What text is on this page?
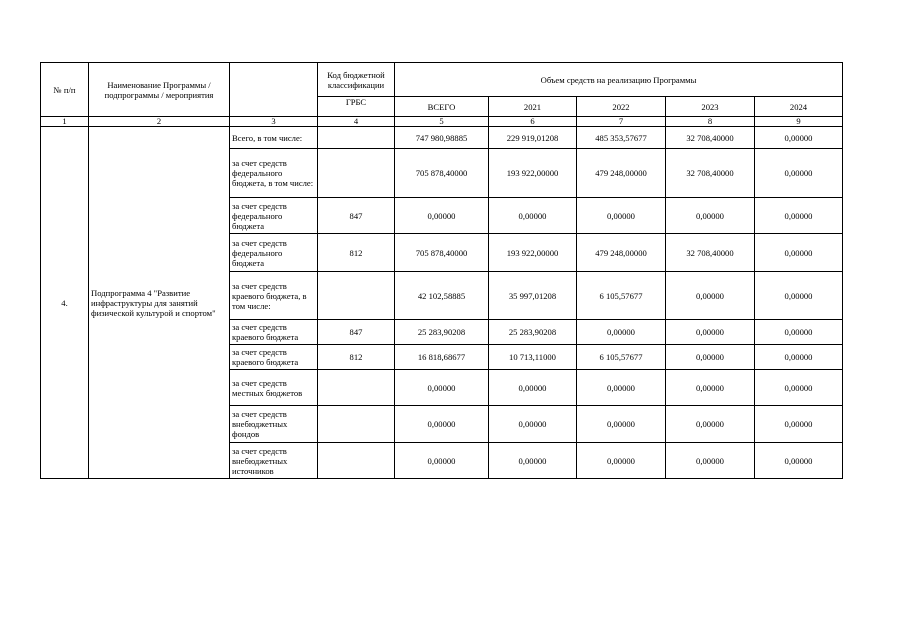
№ п/п	Наименование Программы / подпрограммы / мероприятия		Код бюджетной классификации	Объем средств на реализацию Программы				
			ГРБС	ВСЕГО	2021	2022	2023	2024
1	2	3	4	5	6	7	8	9
4.	Подпрограмма 4 "Развитие инфраструктуры для занятий физической культурой и спортом"	Всего, в том числе:		747 980,98885	229 919,01208	485 353,57677	32 708,40000	0,00000
		за счет средств федерального бюджета, в том числе:		705 878,40000	193 922,00000	479 248,00000	32 708,40000	0,00000
		за счет средств федерального бюджета	847	0,00000	0,00000	0,00000	0,00000	0,00000
		за счет средств федерального бюджета	812	705 878,40000	193 922,00000	479 248,00000	32 708,40000	0,00000
		за счет средств краевого бюджета, в том числе:		42 102,58885	35 997,01208	6 105,57677	0,00000	0,00000
		за счет средств краевого бюджета	847	25 283,90208	25 283,90208	0,00000	0,00000	0,00000
		за счет средств краевого бюджета	812	16 818,68677	10 713,11000	6 105,57677	0,00000	0,00000
		за счет средств местных бюджетов		0,00000	0,00000	0,00000	0,00000	0,00000
		за счет средств внебюджетных фондов		0,00000	0,00000	0,00000	0,00000	0,00000
		за счет средств внебюджетных источников		0,00000	0,00000	0,00000	0,00000	0,00000
